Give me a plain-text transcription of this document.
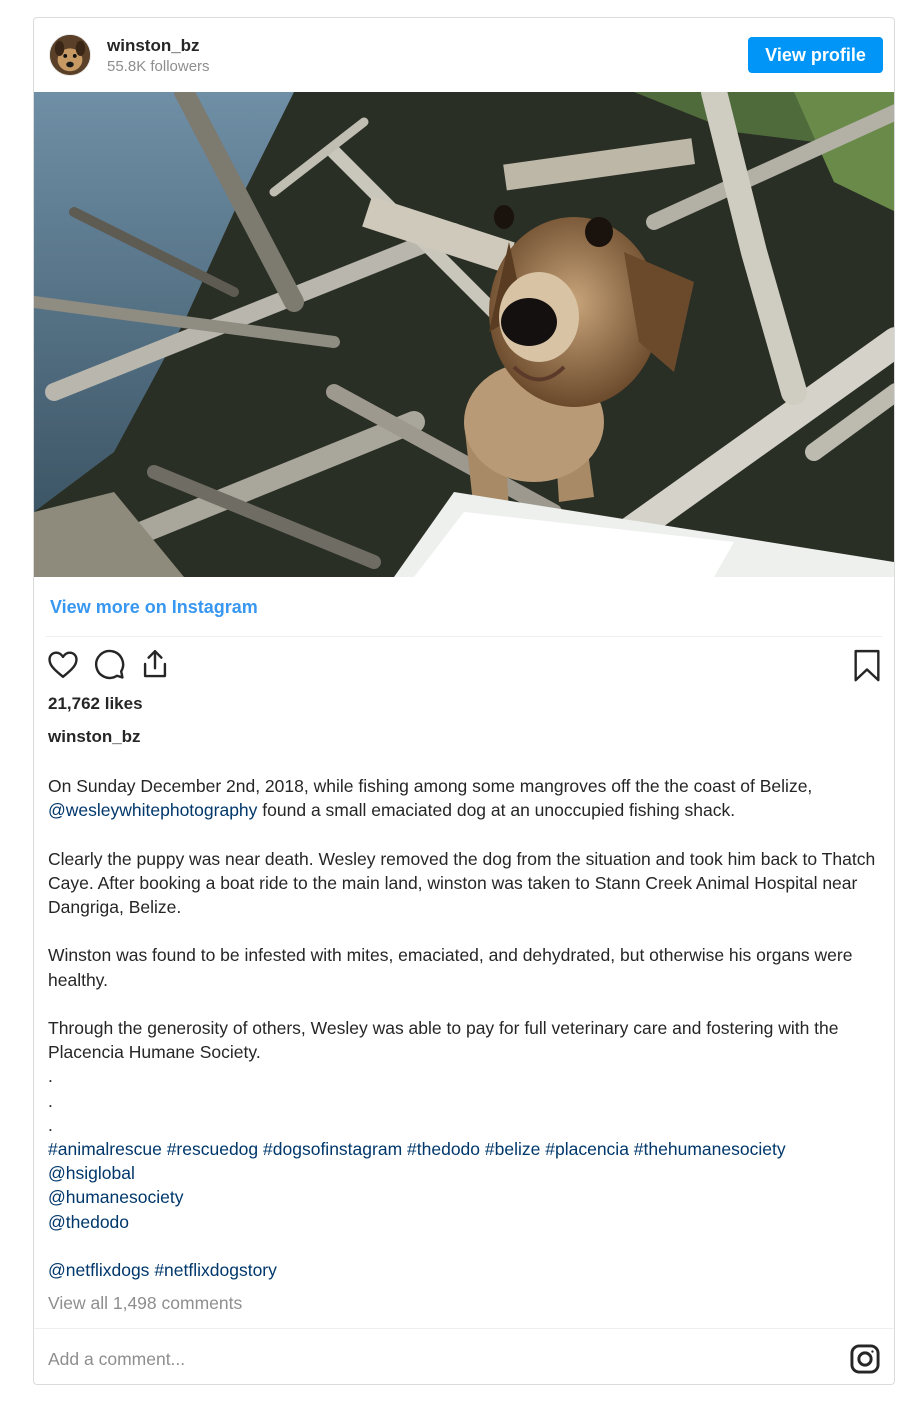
winston_bz
55.8K followers
View profile
View more on Instagram
21,762 likes
winston_bz

On Sunday December 2nd, 2018, while fishing among some mangroves off the the coast of Belize, @wesleywhitephotography found a small emaciated dog at an unoccupied fishing shack.

Clearly the puppy was near death. Wesley removed the dog from the situation and took him back to Thatch Caye. After booking a boat ride to the main land, winston was taken to Stann Creek Animal Hospital near Dangriga, Belize.

Winston was found to be infested with mites, emaciated, and dehydrated, but otherwise his organs were healthy.

Through the generosity of others, Wesley was able to pay for full veterinary care and fostering with the Placencia Humane Society.

.

.

.

#animalrescue #rescuedog #dogsofinstagram #thedodo #belize #placencia #thehumanesociety

@hsiglobal

@humanesociety

@thedodo

@netflixdogs #netflixdogstory

View all 1,498 comments
Add a comment...
